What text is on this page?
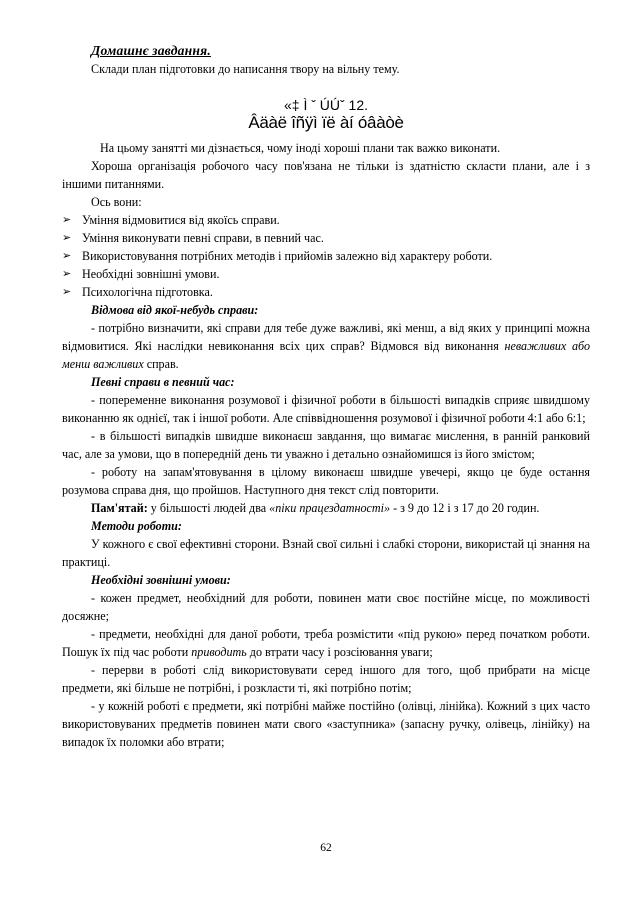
Домашнє завдання.
Склади план підготовки до написання твору на вільну тему.
«‡ Ì ˇ ÚÚˇ 12.
Âäàë îñÿì ïë àí óâàòè

На цьому занятті ми дізнається, чому іноді хороші плани так важко виконати.

Хороша організація робочого часу пов'язана не тільки із здатністю скласти плани, але і з іншими питаннями.

Ось вони:

➢ Уміння відмовитися від якоїсь справи.
➢ Уміння виконувати певні справи, в певний час.
➢ Використовування потрібних методів і прийомів залежно від характеру роботи.
➢ Необхідні зовнішні умови.
➢ Психологічна підготовка.

Відмова від якої-небудь справи:

- потрібно визначити, які справи для тебе дуже важливі, які менш, а від яких у принципі можна відмовитися. Які наслідки невиконання всіх цих справ? Відмовся від виконання неважливих або менш важливих справ.

Певні справи в певний час:

- попеременне виконання розумової і фізичної роботи в більшості випадків сприяє швидшому виконанню як однієї, так і іншої роботи. Але співвідношення розумової і фізичної роботи 4:1 або 6:1;

- в більшості випадків швидше виконаєш завдання, що вимагає мислення, в ранній ранковий час, але за умови, що в попередній день ти уважно і детально ознайомишся із його змістом;

- роботу на запам'ятовування в цілому виконаєш швидше увечері, якщо це буде остання розумова справа дня, що пройшов. Наступного дня текст слід повторити.

Пам'ятай: у більшості людей два «піки працездатності» - з 9 до 12 і з 17 до 20 годин.

Методи роботи:

У кожного є свої ефективні сторони. Взнай свої сильні і слабкі сторони, використай ці знання на практиці.

Необхідні зовнішні умови:

- кожен предмет, необхідний для роботи, повинен мати своє постійне місце, по можливості досяжне;

- предмети, необхідні для даної роботи, треба розмістити «під рукою» перед початком роботи. Пошук їх під час роботи приводить до втрати часу і розсіювання уваги;

- перерви в роботі слід використовувати серед іншого для того, щоб прибрати на місце предмети, які більше не потрібні, і розкласти ті, які потрібно потім;

- у кожній роботі є предмети, які потрібні майже постійно (олівці, лінійка). Кожний з цих часто використовуваних предметів повинен мати свого «заступника» (запасну ручку, олівець, лінійку) на випадок їх поломки або втрати;

62
